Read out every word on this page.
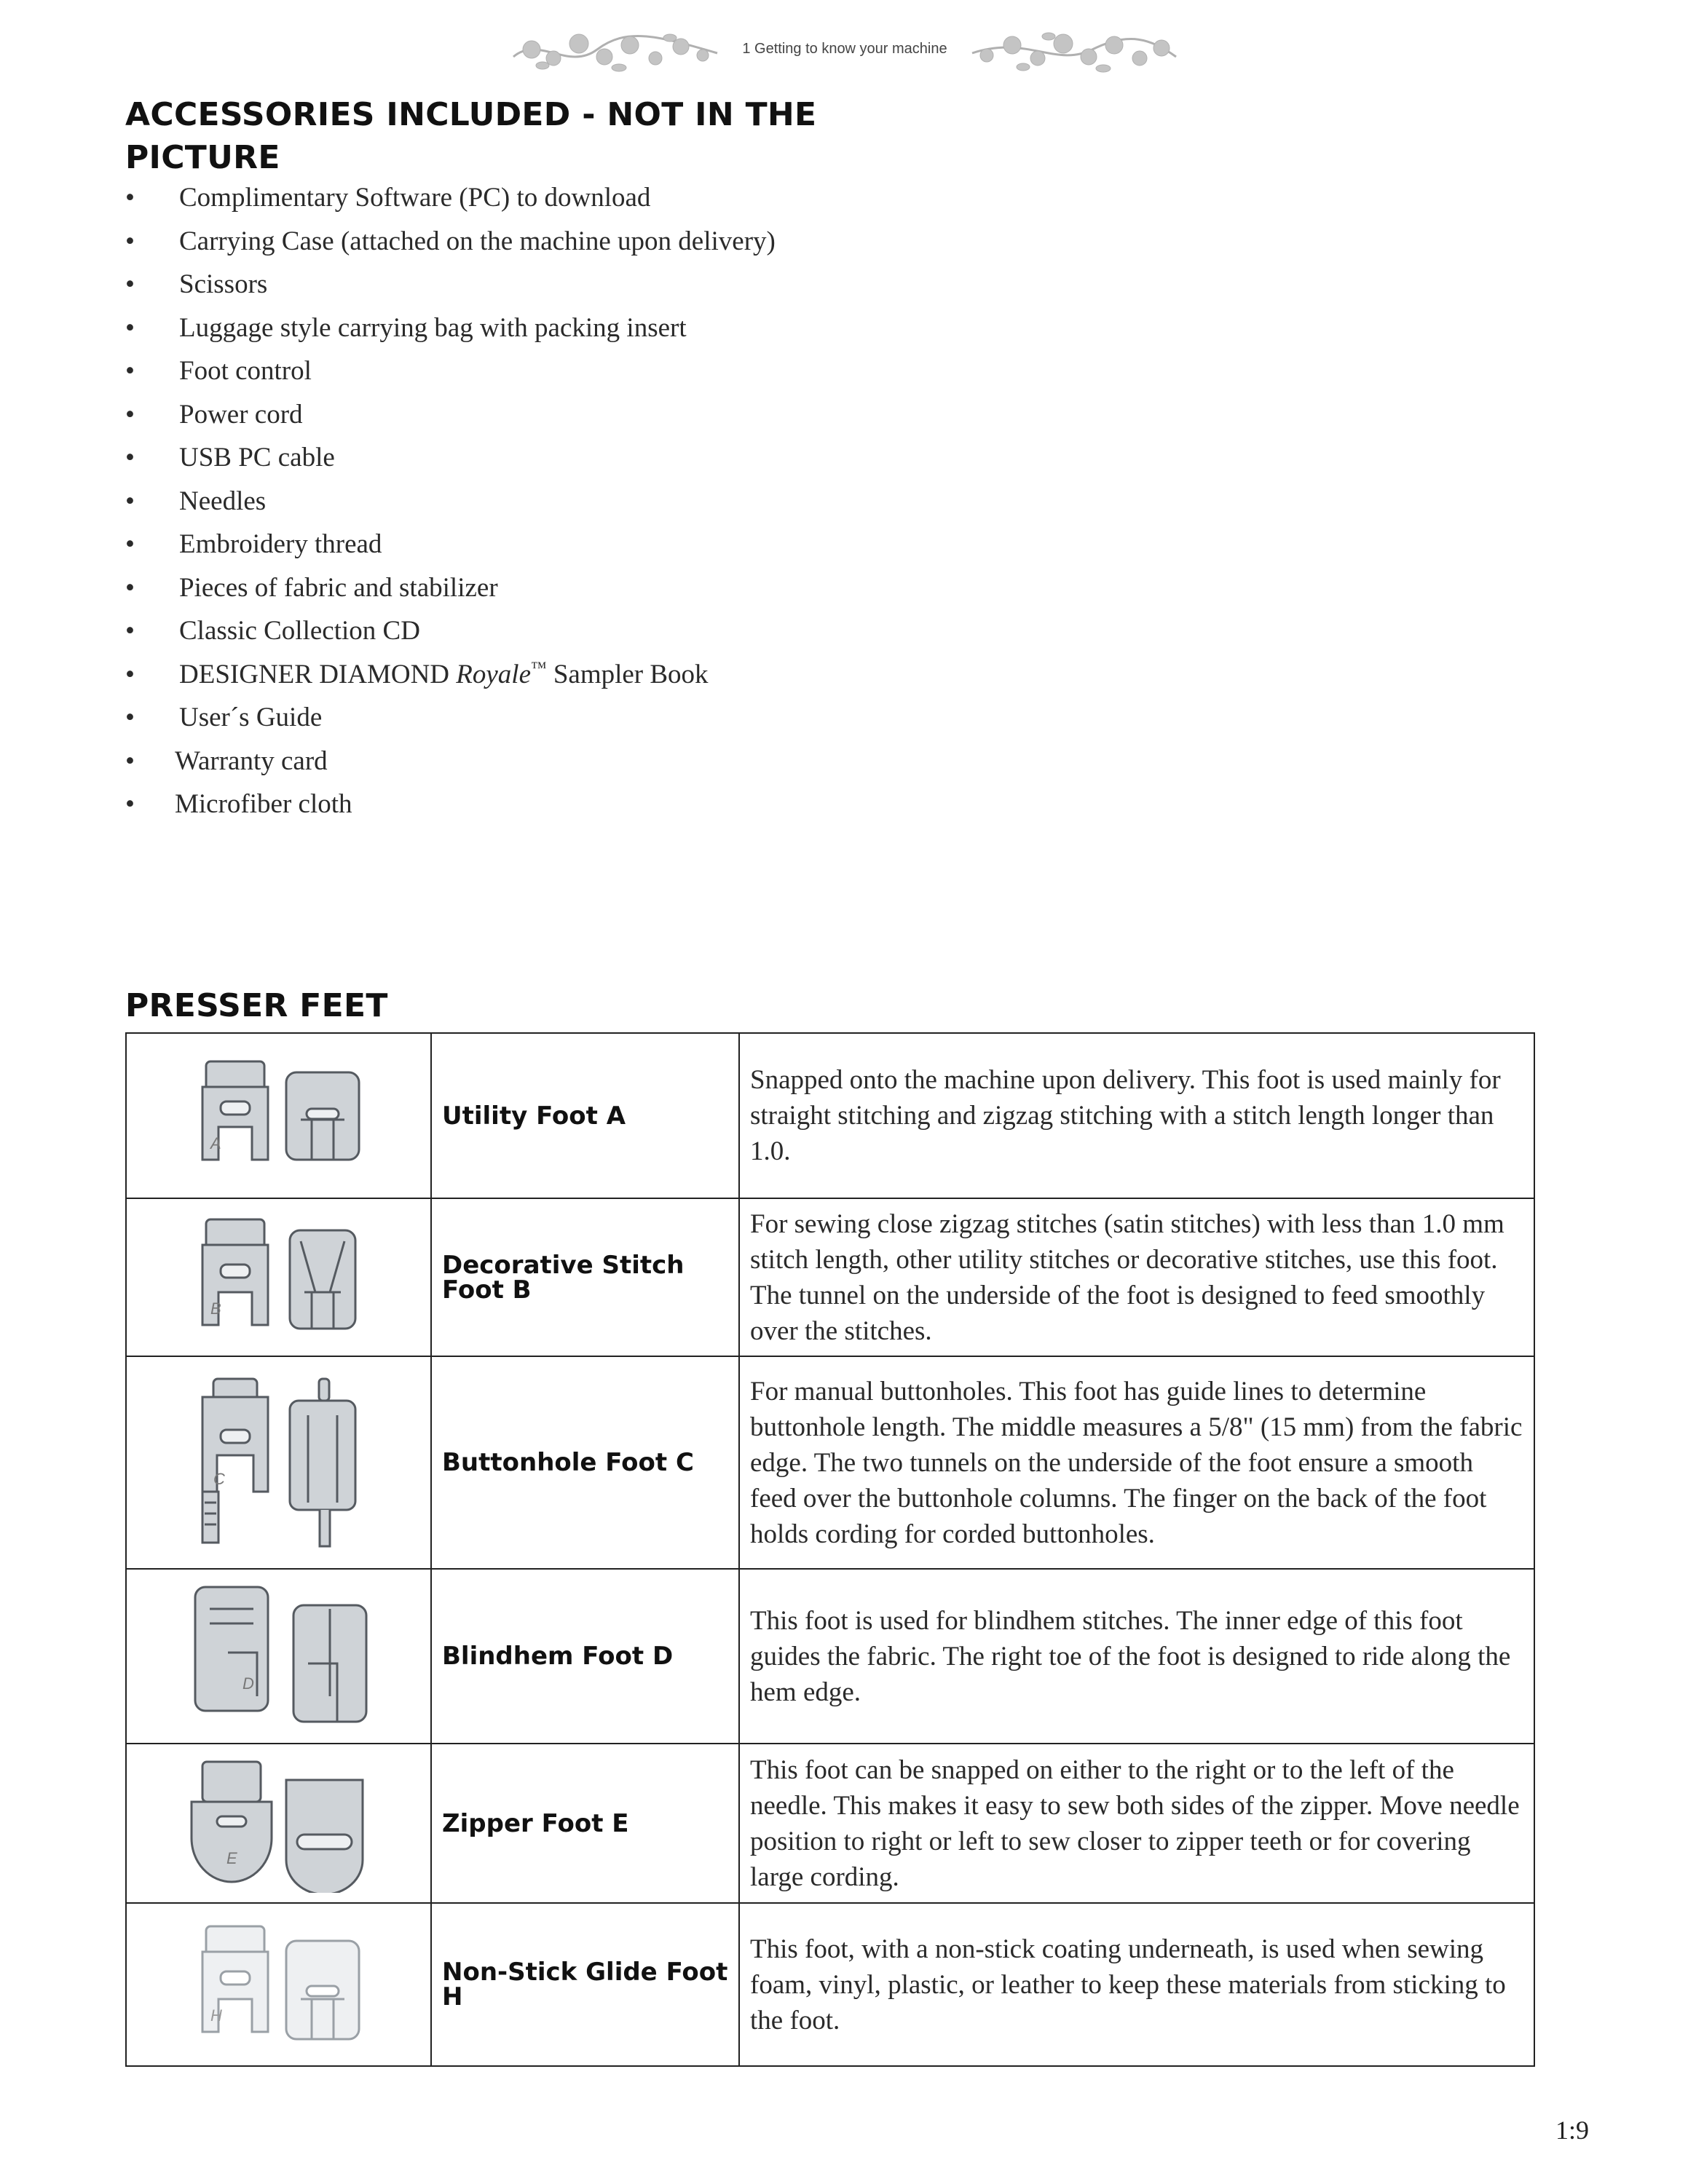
1 Getting to know your machine
ACCESSORIES INCLUDED - NOT IN THE PICTURE
• Complimentary Software (PC) to download
• Carrying Case (attached on the machine upon delivery)
• Scissors
• Luggage style carrying bag with packing insert
• Foot control
• Power cord
• USB PC cable
• Needles
• Embroidery thread
• Pieces of fabric and stabilizer
• Classic Collection CD
• DESIGNER DIAMOND Royale™ Sampler Book
• User´s Guide
• Warranty card
• Microfiber cloth
PRESSER FEET
A	Utility Foot A	Snapped onto the machine upon delivery. This foot is used mainly for straight stitching and zigzag stitching with a stitch length longer than 1.0.

B	Decorative Stitch Foot B	For sewing close zigzag stitches (satin stitches) with less than 1.0 mm stitch length, other utility stitches or decorative stitches, use this foot. The tunnel on the underside of the foot is designed to feed smoothly over the stitches.

C	Buttonhole Foot C	For manual buttonholes. This foot has guide lines to determine buttonhole length. The middle measures a 5/8" (15 mm) from the fabric edge. The two tunnels on the underside of the foot ensure a smooth feed over the buttonhole columns. The finger on the back of the foot holds cording for corded buttonholes.

D	Blindhem Foot D	This foot is used for blindhem stitches. The inner edge of this foot guides the fabric. The right toe of the foot is designed to ride along the hem edge.

E	Zipper Foot E	This foot can be snapped on either to the right or to the left of the needle. This makes it easy to sew both sides of the zipper. Move needle position to right or left to sew closer to zipper teeth or for covering large cording.

H	Non-Stick Glide Foot H	This foot, with a non-stick coating underneath, is used when sewing foam, vinyl, plastic, or leather to keep these materials from sticking to the foot.
1:9
